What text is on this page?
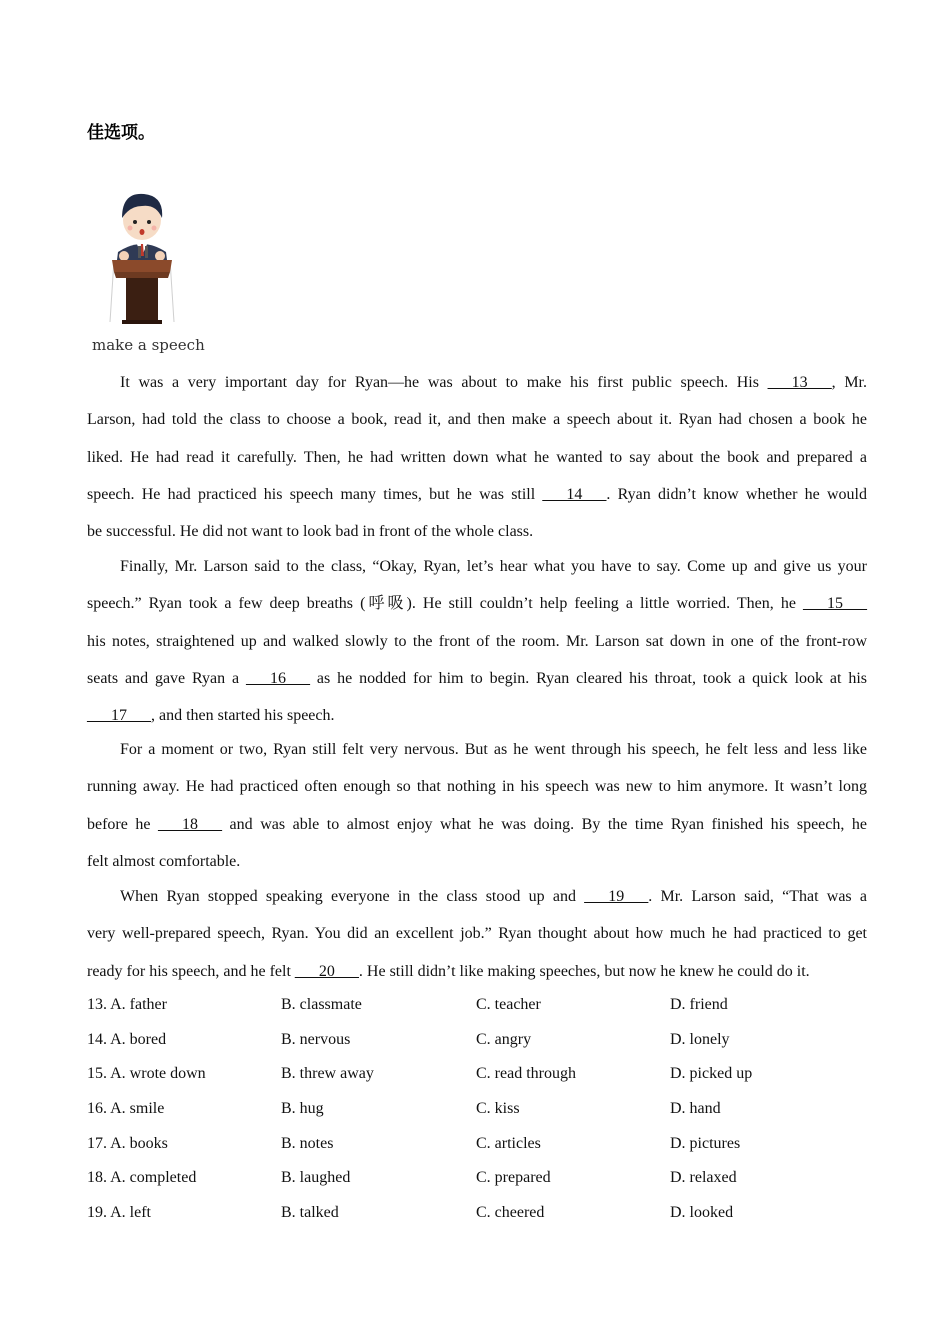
佳选项。
make a speech
It was a very important day for Ryan—he was about to make his first public speech. His ___13___, Mr.
Larson, had told the class to choose a book, read it, and then make a speech about it. Ryan had chosen a book he
liked. He had read it carefully. Then, he had written down what he wanted to say about the book and prepared a
speech. He had practiced his speech many times, but he was still ___14___. Ryan didn’t know whether he would
be successful. He did not want to look bad in front of the whole class.
Finally, Mr. Larson said to the class, “Okay, Ryan, let’s hear what you have to say. Come up and give us your
speech.” Ryan took a few deep breaths (呼吸). He still couldn’t help feeling a little worried. Then, he ___15___
his notes, straightened up and walked slowly to the front of the room. Mr. Larson sat down in one of the front-row
seats and gave Ryan a ___16___ as he nodded for him to begin. Ryan cleared his throat, took a quick look at his
___17___, and then started his speech.
For a moment or two, Ryan still felt very nervous. But as he went through his speech, he felt less and less like
running away. He had practiced often enough so that nothing in his speech was new to him anymore. It wasn’t long
before he ___18___ and was able to almost enjoy what he was doing. By the time Ryan finished his speech, he
felt almost comfortable.
When Ryan stopped speaking everyone in the class stood up and ___19___. Mr. Larson said, “That was a
very well-prepared speech, Ryan. You did an excellent job.” Ryan thought about how much he had practiced to get
ready for his speech, and he felt ___20___. He still didn’t like making speeches, but now he knew he could do it.
13. A. father	B. classmate	C. teacher	D. friend
14. A. bored	B. nervous	C. angry	D. lonely
15. A. wrote down	B. threw away	C. read through	D. picked up
16. A. smile	B. hug	C. kiss	D. hand
17. A. books	B. notes	C. articles	D. pictures
18. A. completed	B. laughed	C. prepared	D. relaxed
19. A. left	B. talked	C. cheered	D. looked
